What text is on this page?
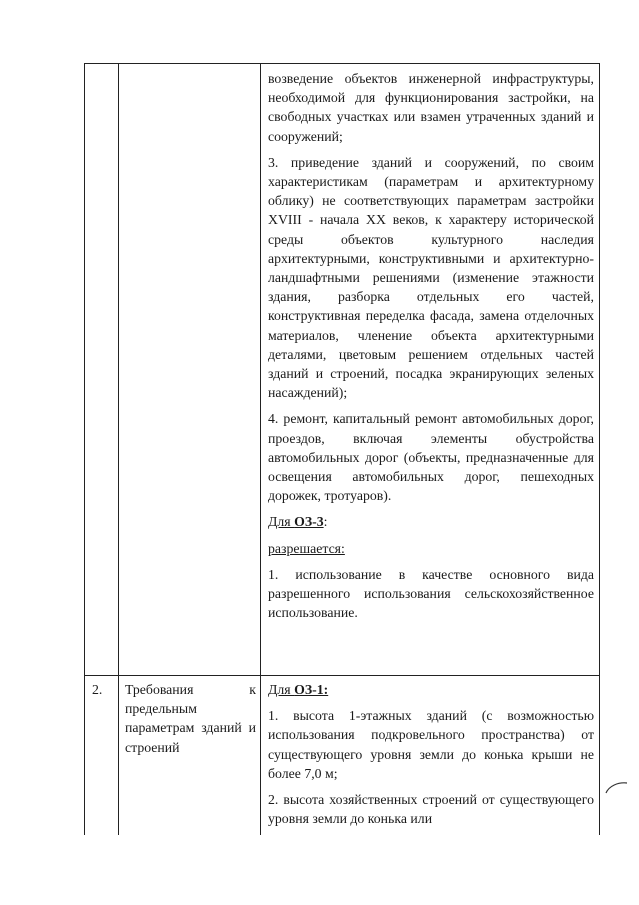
возведение объектов инженерной инфраструктуры, необходимой для функционирования застройки, на свободных участках или взамен утраченных зданий и сооружений;
3. приведение зданий и сооружений, по своим характеристикам (параметрам и архитектурному облику) не соответствующих параметрам застройки XVIII - начала XX веков, к характеру исторической среды объектов культурного наследия архитектурными, конструктивными и архитектурно-ландшафтными решениями (изменение этажности здания, разборка отдельных его частей, конструктивная переделка фасада, замена отделочных материалов, членение объекта архитектурными деталями, цветовым решением отдельных частей зданий и строений, посадка экранирующих зеленых насаждений);
4. ремонт, капитальный ремонт автомобильных дорог, проездов, включая элементы обустройства автомобильных дорог (объекты, предназначенные для освещения автомобильных дорог, пешеходных дорожек, тротуаров).
Для ОЗ-3:
разрешается:
1. использование в качестве основного вида разрешенного использования сельскохозяйственное использование.
2.	Требования к предельным параметрам зданий и строений
Для ОЗ-1:
1. высота 1-этажных зданий (с возможностью использования подкровельного пространства) от существующего уровня земли до конька крыши не более 7,0 м;
2. высота хозяйственных строений от существующего уровня земли до конька или
